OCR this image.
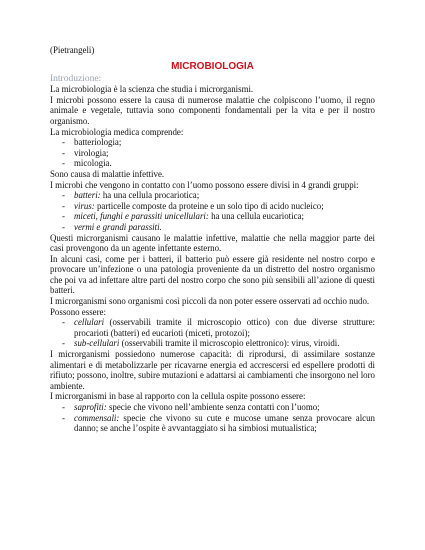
(Pietrangeli)
MICROBIOLOGIA

Introduzione:

La microbiologia è la scienza che studia i microrganismi.

I microbi possono essere la causa di numerose malattie che colpiscono l’uomo, il regno animale e vegetale, tuttavia sono componenti fondamentali per la vita e per il nostro organismo.

La microbiologia medica comprende:

- batteriologia;
- virologia;
- micologia.

Sono causa di malattie infettive.

I microbi che vengono in contatto con l’uomo possono essere divisi in 4 grandi gruppi:

- batteri: ha una cellula procariotica;
- virus: particelle composte da proteine e un solo tipo di acido nucleico;
- miceti, funghi e parassiti unicellulari: ha una cellula eucariotica;
- vermi e grandi parassiti.

Questi microrganismi causano le malattie infettive, malattie che nella maggior parte dei casi provengono da un agente infettante esterno.

In alcuni casi, come per i batteri, il batterio può essere già residente nel nostro corpo e provocare un’infezione o una patologia proveniente da un distretto del nostro organismo che poi va ad infettare altre parti del nostro corpo che sono più sensibili all’azione di questi batteri.

I microrganismi sono organismi così piccoli da non poter essere osservati ad occhio nudo.

Possono essere:

- cellulari (osservabili tramite il microscopio ottico) con due diverse strutture: procarioti (batteri) ed eucarioti (miceti, protozoi);
- sub-cellulari (osservabili tramite il microscopio elettronico): virus, viroidi.

I microrganismi possiedono numerose capacità: di riprodursi, di assimilare sostanze alimentari e di metabolizzarle per ricavarne energia ed accrescersi ed espellere prodotti di rifiuto; possono, inoltre, subire mutazioni e adattarsi ai cambiamenti che insorgono nel loro ambiente.

I microrganismi in base al rapporto con la cellula ospite possono essere:

- saprofiti: specie che vivono nell’ambiente senza contatti con l’uomo;
- commensali: specie che vivono su cute e mucose umane senza provocare alcun danno; se anche l’ospite è avvantaggiato si ha simbiosi mutualistica;
